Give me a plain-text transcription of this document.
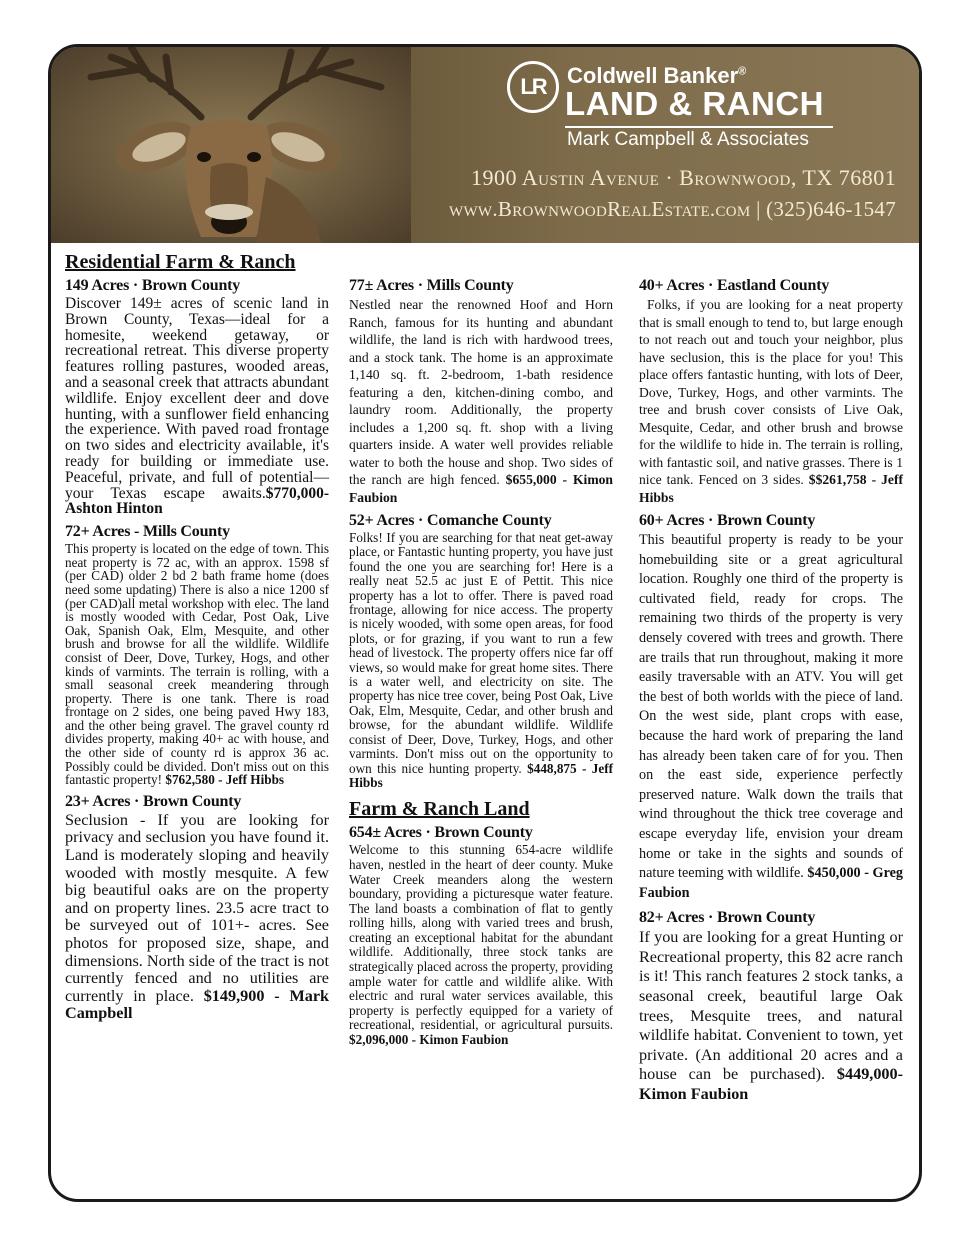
LR Coldwell Banker®
LAND & RANCH
Mark Campbell & Associates
1900 Austin Avenue · Brownwood, TX 76801
www.BrownwoodRealEstate.com | (325)646-1547
Residential Farm & Ranch
149 Acres · Brown County

Discover 149± acres of scenic land in Brown County, Texas—ideal for a homesite, weekend getaway, or recreational retreat. This diverse property features rolling pastures, wooded areas, and a seasonal creek that attracts abundant wildlife. Enjoy excellent deer and dove hunting, with a sunflower field enhancing the experience. With paved road frontage on two sides and electricity available, it's ready for building or immediate use. Peaceful, private, and full of potential—your Texas escape awaits.$770,000- Ashton Hinton

72+ Acres - Mills County

This property is located on the edge of town. This neat property is 72 ac, with an approx. 1598 sf (per CAD) older 2 bd 2 bath frame home (does need some updating) There is also a nice 1200 sf (per CAD)all metal workshop with elec. The land is mostly wooded with Cedar, Post Oak, Live Oak, Spanish Oak, Elm, Mesquite, and other brush and browse for all the wildlife. Wildlife consist of Deer, Dove, Turkey, Hogs, and other kinds of varmints. The terrain is rolling, with a small seasonal creek meandering through property. There is one tank. There is road frontage on 2 sides, one being paved Hwy 183, and the other being gravel. The gravel county rd divides property, making 40+ ac with house, and the other side of county rd is approx 36 ac. Possibly could be divided. Don't miss out on this fantastic property! $762,580 - Jeff Hibbs

23+ Acres · Brown County

Seclusion - If you are looking for privacy and seclusion you have found it. Land is moderately sloping and heavily wooded with mostly mesquite. A few big beautiful oaks are on the property and on property lines. 23.5 acre tract to be surveyed out of 101+- acres. See photos for proposed size, shape, and dimensions. North side of the tract is not currently fenced and no utilities are currently in place. $149,900 - Mark Campbell

77± Acres · Mills County

Nestled near the renowned Hoof and Horn Ranch, famous for its hunting and abundant wildlife, the land is rich with hardwood trees, and a stock tank. The home is an approximate 1,140 sq. ft. 2-bedroom, 1-bath residence featuring a den, kitchen-dining combo, and laundry room. Additionally, the property includes a 1,200 sq. ft. shop with a living quarters inside. A water well provides reliable water to both the house and shop. Two sides of the ranch are high fenced. $655,000 - Kimon Faubion

52+ Acres · Comanche County

Folks! If you are searching for that neat get-away place, or Fantastic hunting property, you have just found the one you are searching for! Here is a really neat 52.5 ac just E of Pettit. This nice property has a lot to offer. There is paved road frontage, allowing for nice access. The property is nicely wooded, with some open areas, for food plots, or for grazing, if you want to run a few head of livestock. The property offers nice far off views, so would make for great home sites. There is a water well, and electricity on site. The property has nice tree cover, being Post Oak, Live Oak, Elm, Mesquite, Cedar, and other brush and browse, for the abundant wildlife. Wildlife consist of Deer, Dove, Turkey, Hogs, and other varmints. Don't miss out on the opportunity to own this nice hunting property. $448,875 - Jeff Hibbs

Farm & Ranch Land
654± Acres · Brown County

Welcome to this stunning 654-acre wildlife haven, nestled in the heart of deer county. Muke Water Creek meanders along the western boundary, providing a picturesque water feature. The land boasts a combination of flat to gently rolling hills, along with varied trees and brush, creating an exceptional habitat for the abundant wildlife. Additionally, three stock tanks are strategically placed across the property, providing ample water for cattle and wildlife alike. With electric and rural water services available, this property is perfectly equipped for a variety of recreational, residential, or agricultural pursuits. $2,096,000 - Kimon Faubion

40+ Acres · Eastland County

Folks, if you are looking for a neat property that is small enough to tend to, but large enough to not reach out and touch your neighbor, plus have seclusion, this is the place for you! This place offers fantastic hunting, with lots of Deer, Dove, Turkey, Hogs, and other varmints. The tree and brush cover consists of Live Oak, Mesquite, Cedar, and other brush and browse for the wildlife to hide in. The terrain is rolling, with fantastic soil, and native grasses. There is 1 nice tank. Fenced on 3 sides. $$261,758 - Jeff Hibbs

60+ Acres · Brown County

This beautiful property is ready to be your homebuilding site or a great agricultural location. Roughly one third of the property is cultivated field, ready for crops. The remaining two thirds of the property is very densely covered with trees and growth. There are trails that run throughout, making it more easily traversable with an ATV. You will get the best of both worlds with the piece of land. On the west side, plant crops with ease, because the hard work of preparing the land has already been taken care of for you. Then on the east side, experience perfectly preserved nature. Walk down the trails that wind throughout the thick tree coverage and escape everyday life, envision your dream home or take in the sights and sounds of nature teeming with wildlife. $450,000 - Greg Faubion

82+ Acres · Brown County

If you are looking for a great Hunting or Recreational property, this 82 acre ranch is it! This ranch features 2 stock tanks, a seasonal creek, beautiful large Oak trees, Mesquite trees, and natural wildlife habitat. Convenient to town, yet private. (An additional 20 acres and a house can be purchased). $449,000- Kimon Faubion
